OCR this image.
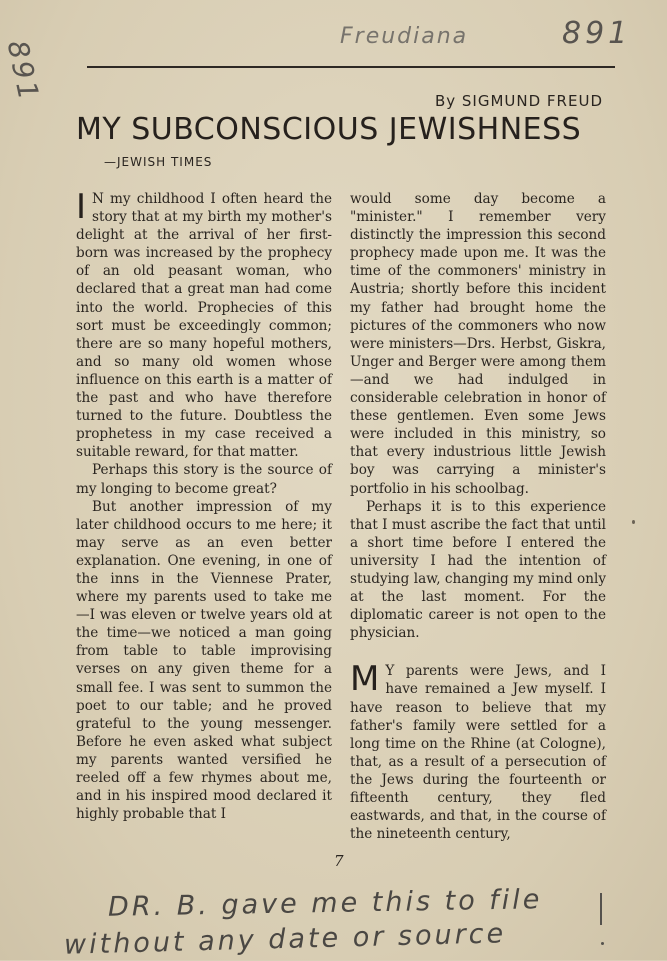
Freudiana	891
891	By SIGMUND FREUD
MY SUBCONSCIOUS JEWISHNESS
—JEWISH TIMES

I N my childhood I often heard the story that at my birth my mother's delight at the arrival of her first-born was increased by the prophecy of an old peasant woman, who declared that a great man had come into the world. Prophecies of this sort must be exceedingly common; there are so many hopeful mothers, and so many old women whose influence on this earth is a matter of the past and who have therefore turned to the future. Doubtless the prophetess in my case received a suitable reward, for that matter.

Perhaps this story is the source of my longing to become great?

But another impression of my later childhood occurs to me here; it may serve as an even better explanation. One evening, in one of the inns in the Viennese Prater, where my parents used to take me —I was eleven or twelve years old at the time—we noticed a man going from table to table improvising verses on any given theme for a small fee. I was sent to summon the poet to our table; and he proved grateful to the young messenger. Before he even asked what subject my parents wanted versified he reeled off a few rhymes about me, and in his inspired mood declared it highly probable that I

would some day become a "minister." I remember very distinctly the impression this second prophecy made upon me. It was the time of the commoners' ministry in Austria; shortly before this incident my father had brought home the pictures of the commoners who now were ministers—Drs. Herbst, Giskra, Unger and Berger were among them—and we had indulged in considerable celebration in honor of these gentlemen. Even some Jews were included in this ministry, so that every industrious little Jewish boy was carrying a minister's portfolio in his schoolbag.

Perhaps it is to this experience that I must ascribe the fact that until a short time before I entered the university I had the intention of studying law, changing my mind only at the last moment. For the diplomatic career is not open to the physician.

M Y parents were Jews, and I have remained a Jew myself. I have reason to believe that my father's family were settled for a long time on the Rhine (at Cologne), that, as a result of a persecution of the Jews during the fourteenth or fifteenth century, they fled eastwards, and that, in the course of the nineteenth century,

7
DR. B. gave me this to file
without any date or source
